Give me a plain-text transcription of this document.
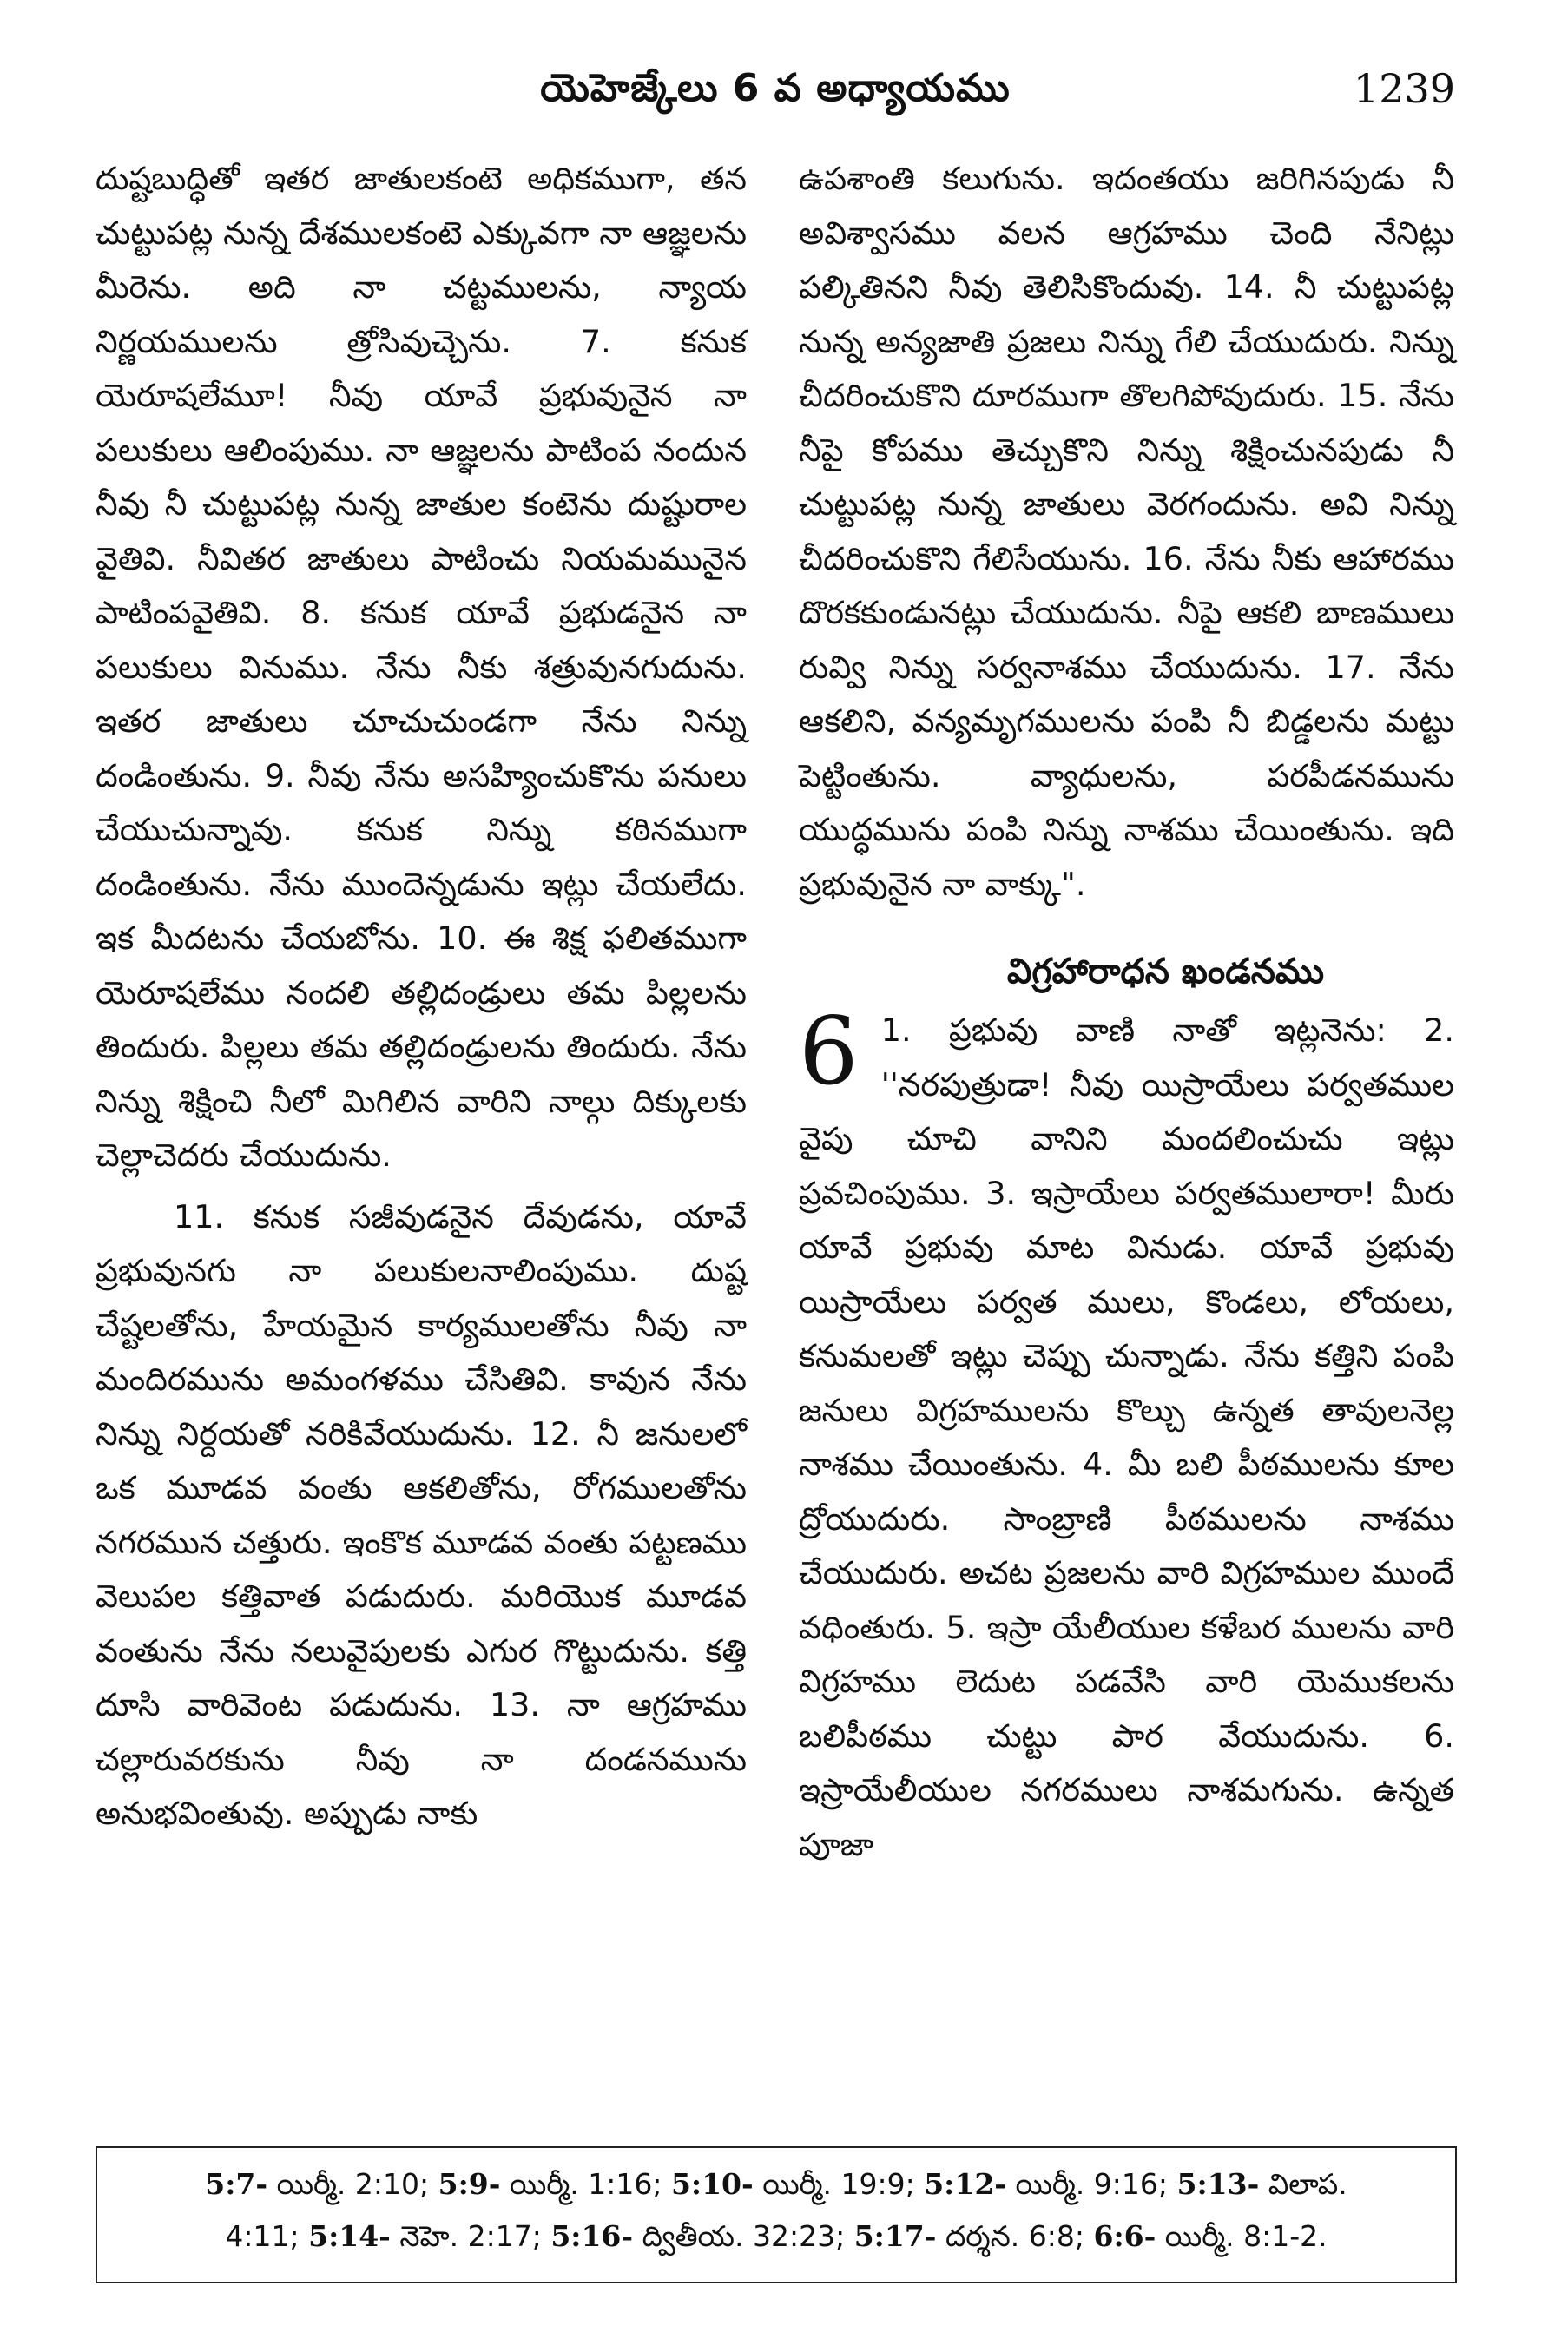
యెహెజ్కేలు 6 వ అధ్యాయము	1239

దుష్టబుద్ధితో ఇతర జాతులకంటె అధికముగా, తన చుట్టుపట్ల నున్న దేశములకంటె ఎక్కువగా నా ఆజ్ఞలను మీరెను. అది నా చట్టములను, న్యాయ నిర్ణయములను త్రోసివుచ్చెను. 7. కనుక యెరూషలేమూ! నీవు యావే ప్రభువునైన నా పలుకులు ఆలింపుము. నా ఆజ్ఞలను పాటింప నందున నీవు నీ చుట్టుపట్ల నున్న జాతుల కంటెను దుష్టురాల వైతివి. నీవితర జాతులు పాటించు నియమమునైన పాటింపవైతివి. 8. కనుక యావే ప్రభుడనైన నా పలుకులు వినుము. నేను నీకు శత్రువునగుదును. ఇతర జాతులు చూచుచుండగా నేను నిన్ను దండింతును. 9. నీవు నేను అసహ్యించుకొను పనులు చేయుచున్నావు. కనుక నిన్ను కఠినముగా దండింతును. నేను ముందెన్నడును ఇట్లు చేయలేదు. ఇక మీదటను చేయబోను. 10. ఈ శిక్ష ఫలితముగా యెరూషలేము నందలి తల్లిదండ్రులు తమ పిల్లలను తిందురు. పిల్లలు తమ తల్లిదండ్రులను తిందురు. నేను నిన్ను శిక్షించి నీలో మిగిలిన వారిని నాల్గు దిక్కులకు చెల్లాచెదరు చేయుదును.

11. కనుక సజీవుడనైన దేవుడను, యావే ప్రభువునగు నా పలుకులనాలింపుము. దుష్ట చేష్టలతోను, హేయమైన కార్యములతోను నీవు నా మందిరమును అమంగళము చేసితివి. కావున నేను నిన్ను నిర్దయతో నరికివేయుదును. 12. నీ జనులలో ఒక మూడవ వంతు ఆకలితోను, రోగములతోను నగరమున చత్తురు. ఇంకొక మూడవ వంతు పట్టణము వెలుపల కత్తివాత పడుదురు. మరియొక మూడవ వంతును నేను నలువైపులకు ఎగుర గొట్టుదును. కత్తి దూసి వారివెంట పడుదును. 13. నా ఆగ్రహము చల్లారువరకును నీవు నా దండనమును అనుభవింతువు. అప్పుడు నాకు

ఉపశాంతి కలుగును. ఇదంతయు జరిగినపుడు నీ అవిశ్వాసము వలన ఆగ్రహము చెంది నేనిట్లు పల్కితినని నీవు తెలిసికొందువు. 14. నీ చుట్టుపట్ల నున్న అన్యజాతి ప్రజలు నిన్ను గేలి చేయుదురు. నిన్ను చీదరించుకొని దూరముగా తొలగిపోవుదురు. 15. నేను నీపై కోపము తెచ్చుకొని నిన్ను శిక్షించునపుడు నీ చుట్టుపట్ల నున్న జాతులు వెరగందును. అవి నిన్ను చీదరించుకొని గేలిసేయును. 16. నేను నీకు ఆహారము దొరకకుండునట్లు చేయుదును. నీపై ఆకలి బాణములు రువ్వి నిన్ను సర్వనాశము చేయుదును. 17. నేను ఆకలిని, వన్యమృగములను పంపి నీ బిడ్డలను మట్టు పెట్టింతును. వ్యాధులను, పరపీడనమును యుద్ధమును పంపి నిన్ను నాశము చేయింతును. ఇది ప్రభువునైన నా వాక్కు".

విగ్రహారాధన ఖండనము

6 1. ప్రభువు వాణి నాతో ఇట్లనెను: 2. ''నరపుత్రుడా! నీవు యిస్రాయేలు పర్వతముల వైపు చూచి వానిని మందలించుచు ఇట్లు ప్రవచింపుము. 3. ఇస్రాయేలు పర్వతములారా! మీరు యావే ప్రభువు మాట వినుడు. యావే ప్రభువు యిస్రాయేలు పర్వత ములు, కొండలు, లోయలు, కనుమలతో ఇట్లు చెప్పు చున్నాడు. నేను కత్తిని పంపి జనులు విగ్రహములను కొల్చు ఉన్నత తావులనెల్ల నాశము చేయింతును. 4. మీ బలి పీఠములను కూల ద్రోయుదురు. సాంబ్రాణి పీఠములను నాశము చేయుదురు. అచట ప్రజలను వారి విగ్రహముల ముందే వధింతురు. 5. ఇస్రా యేలీయుల కళేబర ములను వారి విగ్రహము లెదుట పడవేసి వారి యెముకలను బలిపీఠము చుట్టు పార వేయుదును. 6. ఇస్రాయేలీయుల నగరములు నాశమగును. ఉన్నత పూజా

5:7- యిర్మీ. 2:10; 5:9- యిర్మీ. 1:16; 5:10- యిర్మీ. 19:9; 5:12- యిర్మీ. 9:16; 5:13- విలాప.
4:11; 5:14- నెహె. 2:17; 5:16- ద్వితీయ. 32:23; 5:17- దర్శన. 6:8; 6:6- యిర్మీ. 8:1-2.
